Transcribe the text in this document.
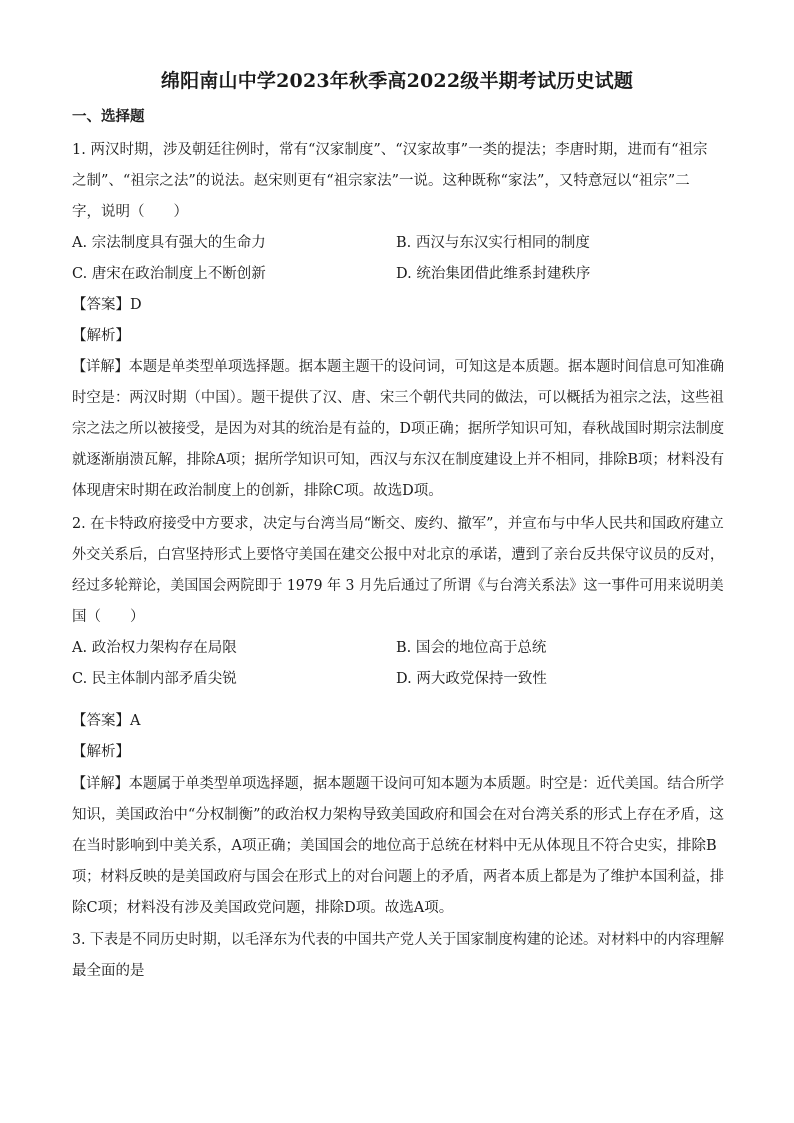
绵阳南山中学2023年秋季高2022级半期考试历史试题
一、选择题
1. 两汉时期，涉及朝廷往例时，常有“汉家制度”、“汉家故事”一类的提法；李唐时期，进而有“祖宗
之制”、“祖宗之法”的说法。赵宋则更有“祖宗家法”一说。这种既称“家法”，又特意冠以“祖宗”二
字，说明（　　）
A. 宗法制度具有强大的生命力	B. 西汉与东汉实行相同的制度
C. 唐宋在政治制度上不断创新	D. 统治集团借此维系封建秩序
【答案】D
【解析】
【详解】本题是单类型单项选择题。据本题主题干的设问词，可知这是本质题。据本题时间信息可知准确
时空是：两汉时期（中国）。题干提供了汉、唐、宋三个朝代共同的做法，可以概括为祖宗之法，这些祖
宗之法之所以被接受，是因为对其的统治是有益的，D项正确；据所学知识可知，春秋战国时期宗法制度
就逐渐崩溃瓦解，排除A项；据所学知识可知，西汉与东汉在制度建设上并不相同，排除B项；材料没有
体现唐宋时期在政治制度上的创新，排除C项。故选D项。
2. 在卡特政府接受中方要求，决定与台湾当局“断交、废约、撤军”，并宣布与中华人民共和国政府建立
外交关系后，白宫坚持形式上要恪守美国在建交公报中对北京的承诺，遭到了亲台反共保守议员的反对，
经过多轮辩论，美国国会两院即于 1979 年 3 月先后通过了所谓《与台湾关系法》这一事件可用来说明美
国（　　）
A. 政治权力架构存在局限	B. 国会的地位高于总统
C. 民主体制内部矛盾尖锐	D. 两大政党保持一致性
【答案】A
【解析】
【详解】本题属于单类型单项选择题，据本题题干设问可知本题为本质题。时空是：近代美国。结合所学
知识，美国政治中“分权制衡”的政治权力架构导致美国政府和国会在对台湾关系的形式上存在矛盾，这
在当时影响到中美关系，A项正确；美国国会的地位高于总统在材料中无从体现且不符合史实，排除B
项；材料反映的是美国政府与国会在形式上的对台问题上的矛盾，两者本质上都是为了维护本国利益，排
除C项；材料没有涉及美国政党问题，排除D项。故选A项。
3. 下表是不同历史时期，以毛泽东为代表的中国共产党人关于国家制度构建的论述。对材料中的内容理解
最全面的是
